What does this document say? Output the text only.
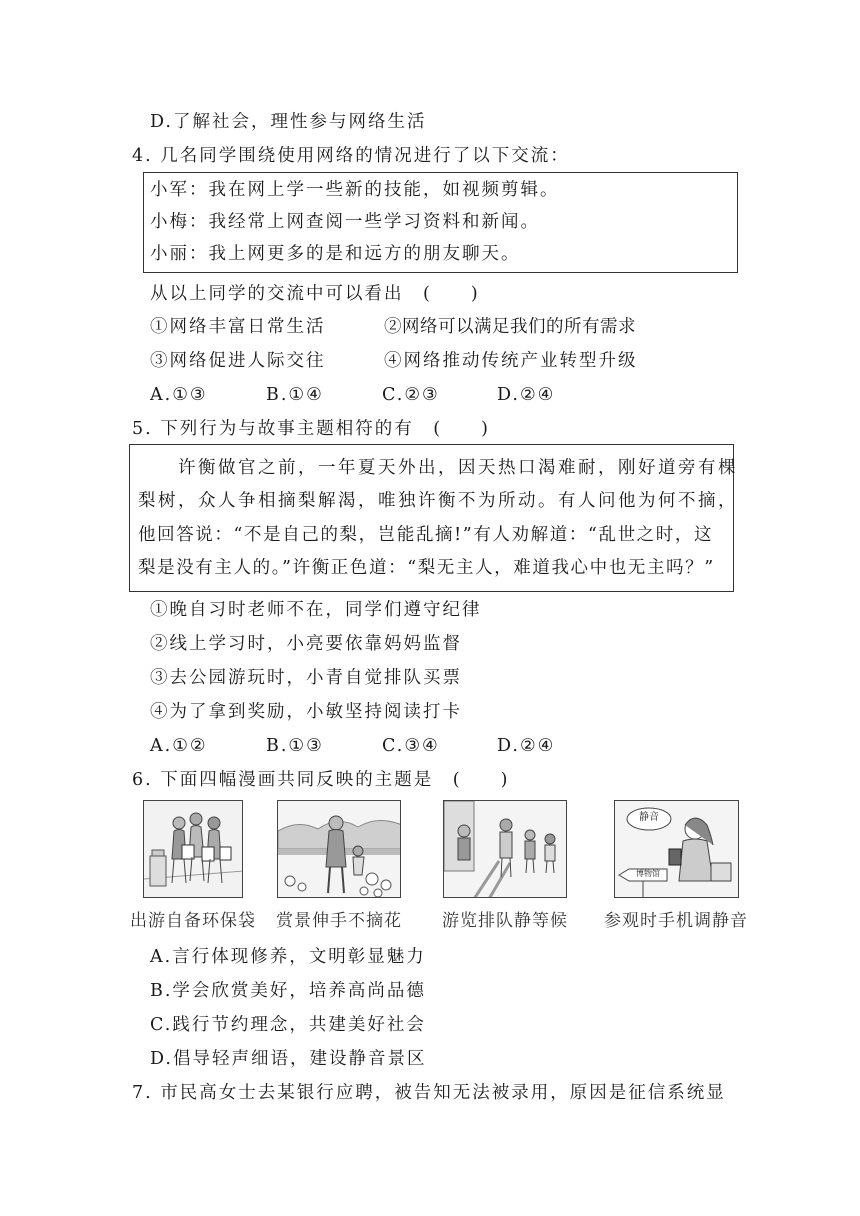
D.了解社会，理性参与网络生活
4. 几名同学围绕使用网络的情况进行了以下交流：
小军：我在网上学一些新的技能，如视频剪辑。
小梅：我经常上网查阅一些学习资料和新闻。
小丽：我上网更多的是和远方的朋友聊天。
从以上同学的交流中可以看出　(　　)
①网络丰富日常生活	②网络可以满足我们的所有需求
③网络促进人际交往	④网络推动传统产业转型升级
A.①③	B.①④	C.②③	D.②④
5. 下列行为与故事主题相符的有　(　　)
　　许衡做官之前，一年夏天外出，因天热口渴难耐，刚好道旁有棵
梨树，众人争相摘梨解渴，唯独许衡不为所动。有人问他为何不摘，
他回答说：“不是自己的梨，岂能乱摘!”有人劝解道：“乱世之时，这
梨是没有主人的。”许衡正色道：“梨无主人，难道我心中也无主吗？”
①晚自习时老师不在，同学们遵守纪律
②线上学习时，小亮要依靠妈妈监督
③去公园游玩时，小青自觉排队买票
④为了拿到奖励，小敏坚持阅读打卡
A.①②	B.①③	C.③④	D.②④
6. 下面四幅漫画共同反映的主题是　(　　)
出游自备环保袋	赏景伸手不摘花	游览排队静等候
静音
博物馆
参观时手机调静音
A.言行体现修养，文明彰显魅力
B.学会欣赏美好，培养高尚品德
C.践行节约理念，共建美好社会
D.倡导轻声细语，建设静音景区
7. 市民高女士去某银行应聘，被告知无法被录用，原因是征信系统显
